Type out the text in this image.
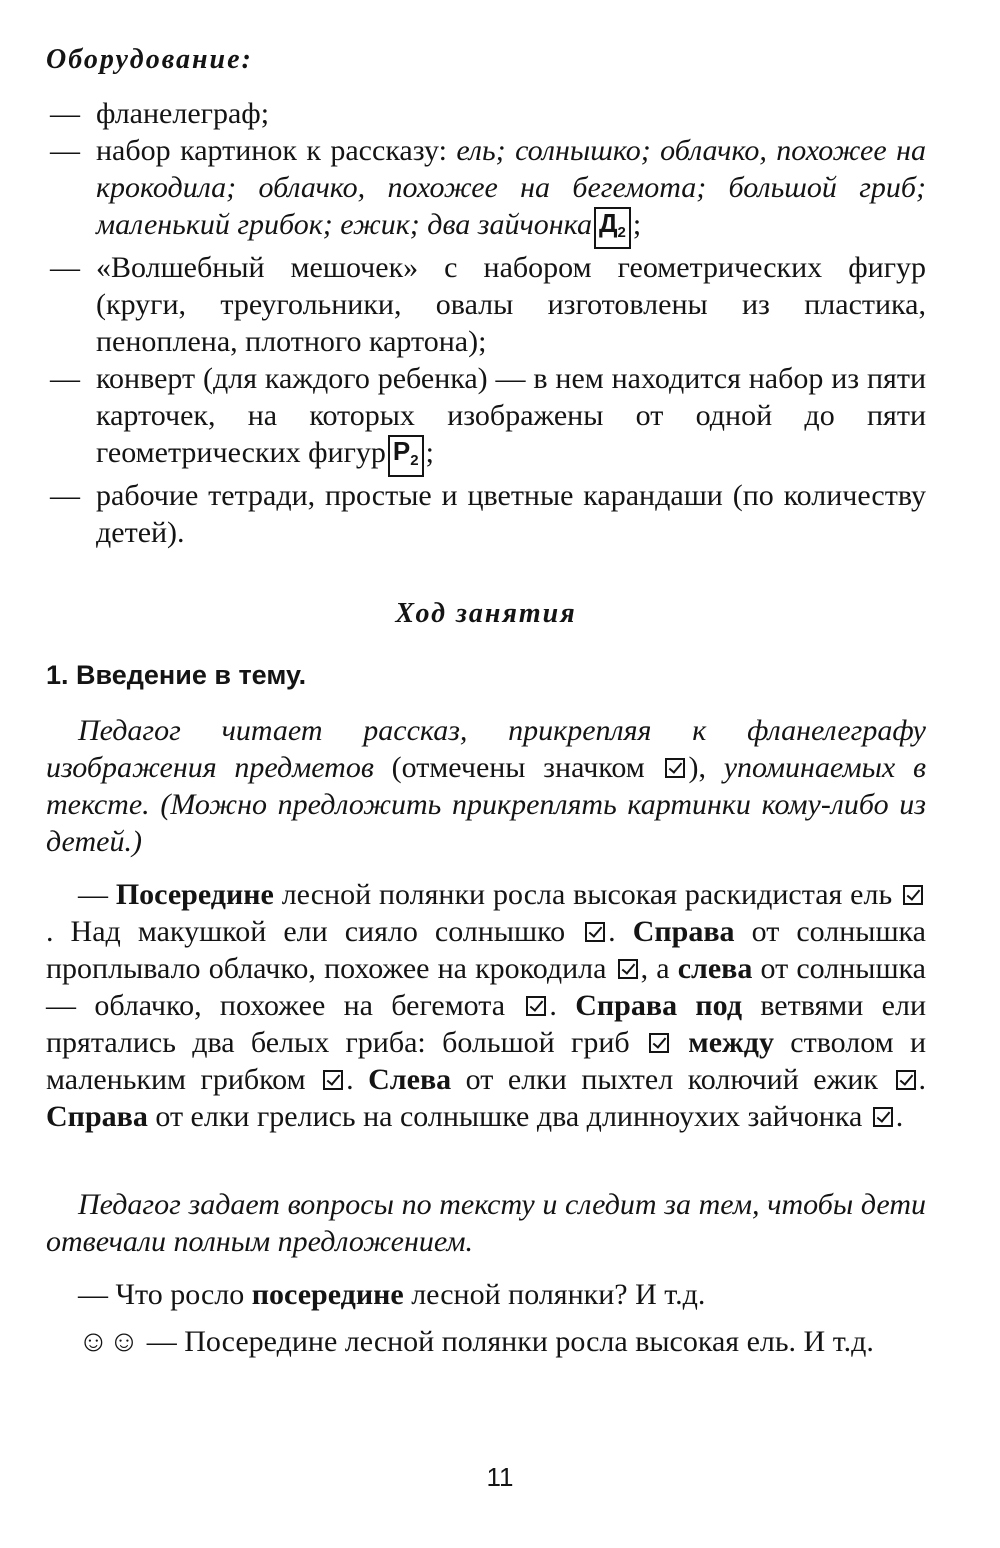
Оборудование:

— фланелеграф;
— набор картинок к рассказу: ель; солнышко; облачко, похожее на крокодила; облачко, похожее на бегемота; большой гриб; маленький грибок; ежик; два зайчонка $Д_2$ ;
— «Волшебный мешочек» с набором геометрических фигур (круги, треугольники, овалы изготовлены из пластика, пеноплена, плотного картона);
— конверт (для каждого ребенка) — в нем находится набор из пяти карточек, на которых изображены от одной до пяти геометрических фигур $Р_2$ ;
— рабочие тетради, простые и цветные карандаши (по количеству детей).

Ход занятия

1. Введение в тему.

Педагог читает рассказ, прикрепляя к фланелеграфу изображения предметов (отмечены значком ), упоминаемых в тексте. (Можно предложить прикреплять картинки кому-либо из детей.)

— Посередине лесной полянки росла высокая раскидистая ель . Над макушкой ели сияло солнышко . Справа от солнышка проплывало облачко, похожее на крокодила , а слева от солнышка — облачко, похожее на бегемота . Справа под ветвями ели прятались два белых гриба: большой гриб  между стволом и маленьким грибком . Слева от елки пыхтел колючий ежик . Справа от елки грелись на солнышке два длинноухих зайчонка .

Педагог задает вопросы по тексту и следит за тем, чтобы дети отвечали полным предложением.

— Что росло посередине лесной полянки? И т.д.

☺☺ — Посередине лесной полянки росла высокая ель. И т.д.

11
